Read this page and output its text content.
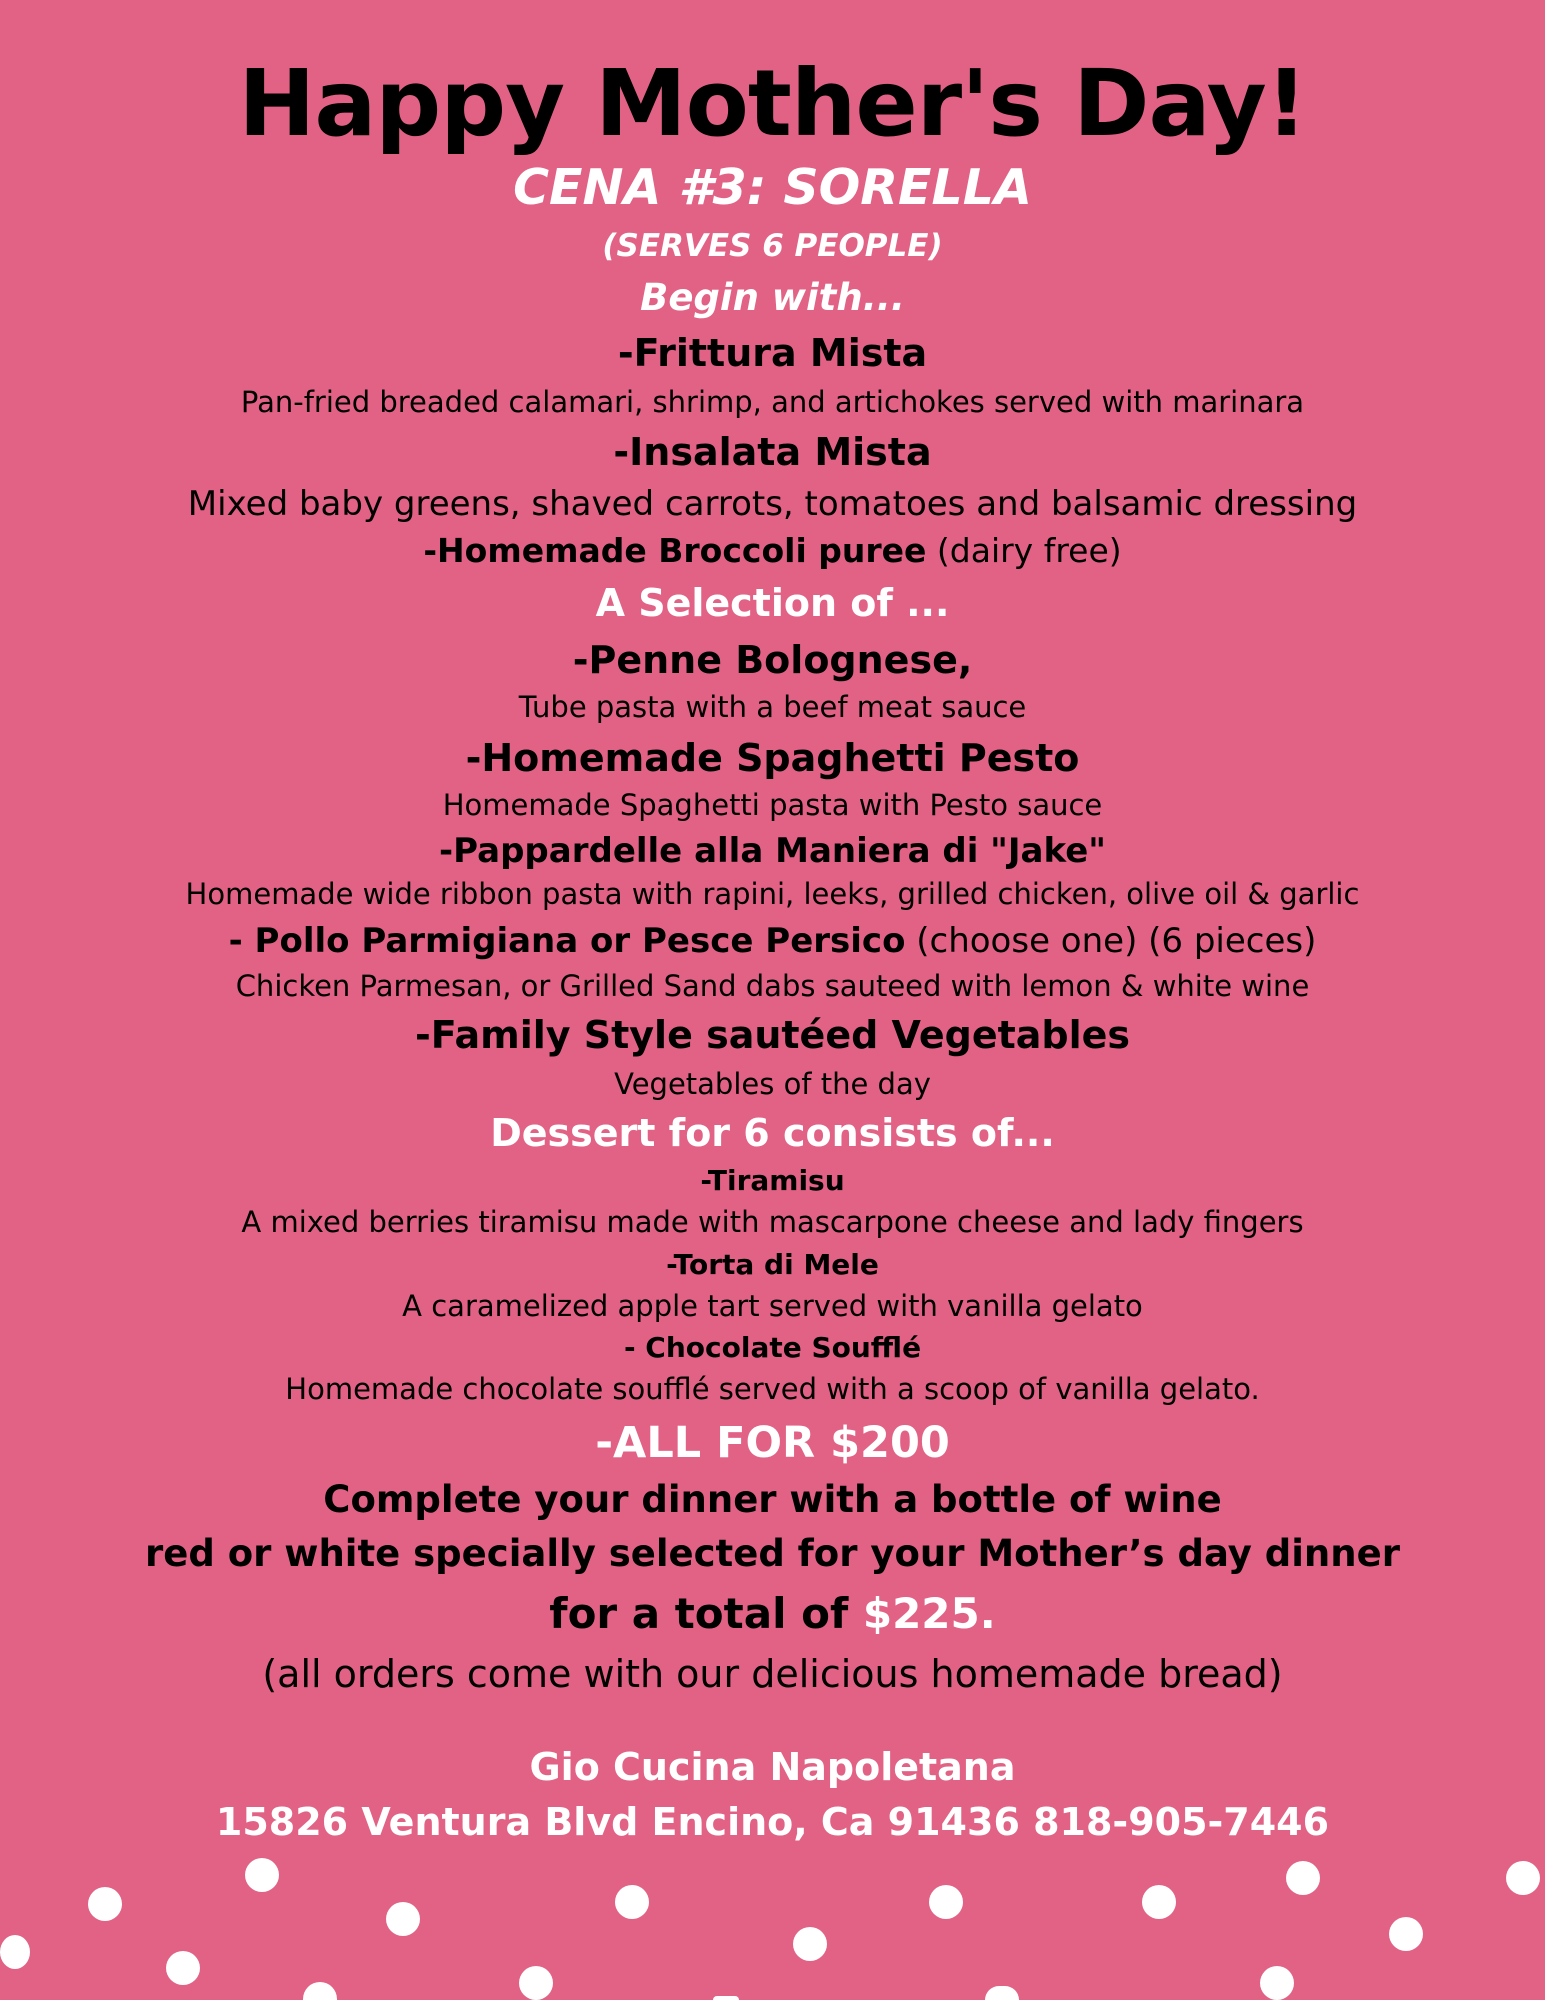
Happy Mother's Day!
CENA #3: SORELLA
(SERVES 6 PEOPLE)
Begin with...
-Frittura Mista
Pan-fried breaded calamari, shrimp, and artichokes served with marinara
-Insalata Mista
Mixed baby greens, shaved carrots, tomatoes and balsamic dressing
-Homemade Broccoli puree (dairy free)
A Selection of ...
-Penne Bolognese,
Tube pasta with a beef meat sauce
-Homemade Spaghetti Pesto
Homemade Spaghetti pasta with Pesto sauce
-Pappardelle alla Maniera di "Jake"
Homemade wide ribbon pasta with rapini, leeks, grilled chicken, olive oil & garlic
- Pollo Parmigiana or Pesce Persico (choose one) (6 pieces)
Chicken Parmesan, or Grilled Sand dabs sauteed with lemon & white wine
-Family Style sautéed Vegetables
Vegetables of the day
Dessert for 6 consists of...
-Tiramisu
A mixed berries tiramisu made with mascarpone cheese and lady fingers
-Torta di Mele
A caramelized apple tart served with vanilla gelato
- Chocolate Soufflé
Homemade chocolate soufflé served with a scoop of vanilla gelato.
-ALL FOR $200
Complete your dinner with a bottle of wine
red or white specially selected for your Mother’s day dinner
for a total of $225.
(all orders come with our delicious homemade bread)
Gio Cucina Napoletana
15826 Ventura Blvd Encino, Ca 91436 818-905-7446
